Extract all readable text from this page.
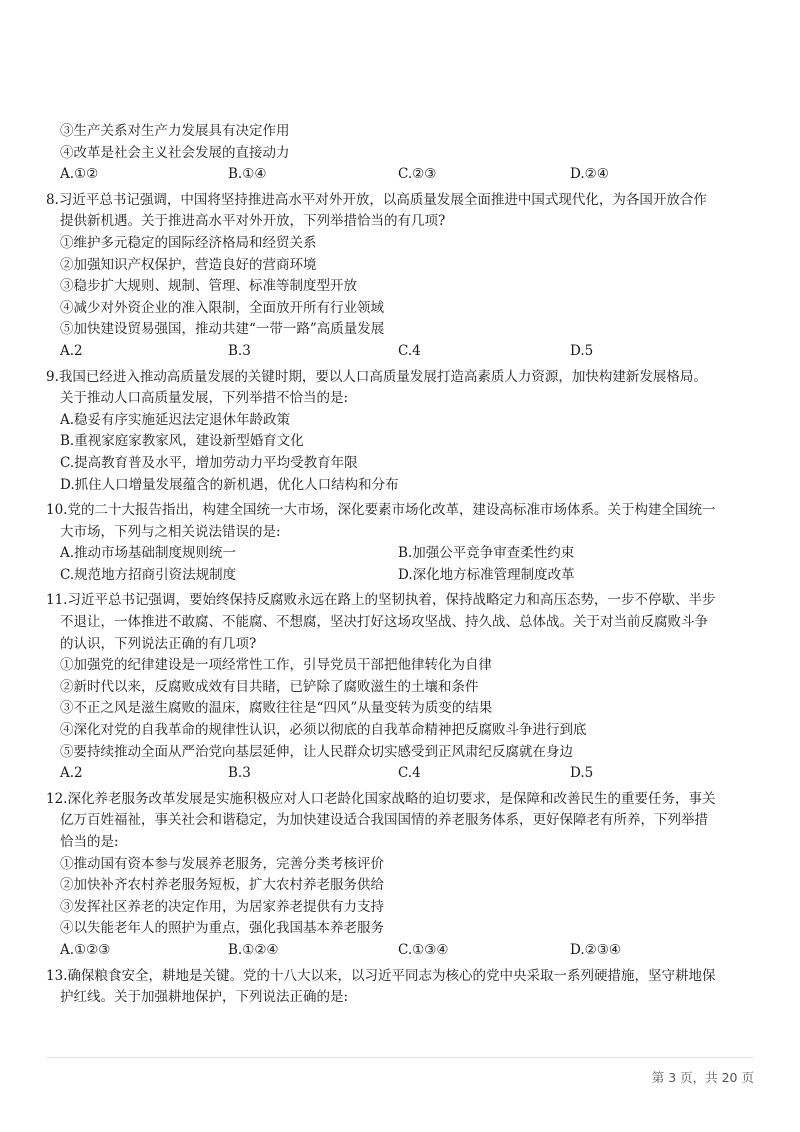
③生产关系对生产力发展具有决定作用
④改革是社会主义社会发展的直接动力
A.①②	B.①④	C.②③	D.②④
8.习近平总书记强调，中国将坚持推进高水平对外开放，以高质量发展全面推进中国式现代化，为各国开放合作
提供新机遇。关于推进高水平对外开放，下列举措恰当的有几项?
①维护多元稳定的国际经济格局和经贸关系
②加强知识产权保护，营造良好的营商环境
③稳步扩大规则、规制、管理、标准等制度型开放
④减少对外资企业的准入限制，全面放开所有行业领域
⑤加快建设贸易强国，推动共建“一带一路”高质量发展
A.2	B.3	C.4	D.5
9.我国已经进入推动高质量发展的关键时期，要以人口高质量发展打造高素质人力资源，加快构建新发展格局。
关于推动人口高质量发展，下列举措不恰当的是:
A.稳妥有序实施延迟法定退休年龄政策
B.重视家庭家教家风，建设新型婚育文化
C.提高教育普及水平，增加劳动力平均受教育年限
D.抓住人口增量发展蕴含的新机遇，优化人口结构和分布
10.党的二十大报告指出，构建全国统一大市场，深化要素市场化改革，建设高标准市场体系。关于构建全国统一
大市场，下列与之相关说法错误的是:
A.推动市场基础制度规则统一	B.加强公平竞争审查柔性约束
C.规范地方招商引资法规制度	D.深化地方标准管理制度改革
11.习近平总书记强调，要始终保持反腐败永远在路上的坚韧执着，保持战略定力和高压态势，一步不停歇、半步
不退让，一体推进不敢腐、不能腐、不想腐，坚决打好这场攻坚战、持久战、总体战。关于对当前反腐败斗争
的认识，下列说法正确的有几项?
①加强党的纪律建设是一项经常性工作，引导党员干部把他律转化为自律
②新时代以来，反腐败成效有目共睹，已铲除了腐败滋生的土壤和条件
③不正之风是滋生腐败的温床，腐败往往是“四风”从量变转为质变的结果
④深化对党的自我革命的规律性认识，必须以彻底的自我革命精神把反腐败斗争进行到底
⑤要持续推动全面从严治党向基层延伸，让人民群众切实感受到正风肃纪反腐就在身边
A.2	B.3	C.4	D.5
12.深化养老服务改革发展是实施积极应对人口老龄化国家战略的迫切要求，是保障和改善民生的重要任务，事关
亿万百姓福祉，事关社会和谐稳定，为加快建设适合我国国情的养老服务体系，更好保障老有所养，下列举措
恰当的是:
①推动国有资本参与发展养老服务，完善分类考核评价
②加快补齐农村养老服务短板，扩大农村养老服务供给
③发挥社区养老的决定作用，为居家养老提供有力支持
④以失能老年人的照护为重点，强化我国基本养老服务
A.①②③	B.①②④	C.①③④	D.②③④
13.确保粮食安全，耕地是关键。党的十八大以来，以习近平同志为核心的党中央采取一系列硬措施，坚守耕地保
护红线。关于加强耕地保护，下列说法正确的是:
第 3 页，共 20 页
